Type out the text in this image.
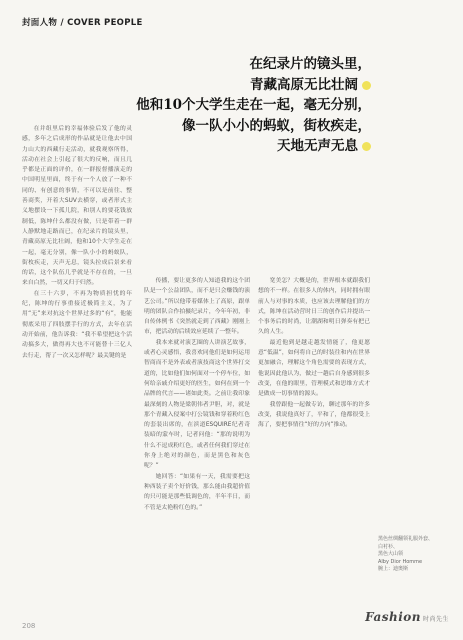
封面人物 / COVER PEOPLE
在纪录片的镜头里，
青藏高原无比壮阔
他和10个大学生走在一起，毫无分别，
像一队小小的蚂蚁，街枚疾走，
天地无声无息

在并组里后的幸福体验后发了他的灵感，多年之后成形的作品就是让他去中国力山大的西藏行走活动，就我观察所得，活动在社会上引起了很大的反响，而且几乎都是正面的评价，在一群报督播演走的中国明星里面，终于有一个人放了一种不同的、有创意的事情，不可以是前往、整善商奖，开着大SUV去横穿，或者形式主义地摆设一下孤儿院，和别人的要花钱放制低，陈坤什么都没有做，只是带着一群人静默地走路而已，在纪录片的镜头里，青藏高原无比壮阔，他和10个大学生走在一起，毫无分别，像一队小小的蚂蚁队，街枚疾走，天声无息，镜头拉成后景来看的话，这个队伍几乎就是不存在的，一旦来自白然，一切又归于归然。

在三十六岁，不再为物质担忧的年纪，陈坤的行事重接近极简主义，为了用“无”来对抗这个世界过多的“有”，他能彻底采用了四肢摆手行的方式，去年在活动开始前，他告诉我：“我不希望把这个活动搞多大，做得再大也不可能替十三亿人去行走，帮了一次又怎样呢？最关键的是

传播，要让更多的人知道我的这个团队是一个公益团队，而不是只会赚钱的演艺公司。”所以他带着媒体上了高原，跟单明的团队合作拍摄纪录片，今年年初，非自传体例书《突然就走到了西藏》刚刚上市，把活动的后续效应延续了一整年。

我本来就对演艺圈的人讲演艺故事，或者心灵感悟，我喜欢同他们是如何运用智商而不是外表或者演技商这个世界打交道的，比如他们如何面对一个停车位，如何给亲戚介绍更好的医生，如何在到一个品牌的代言——诸如此类。之前让我印象最深刻的人物是梁朝伟者尹胆，对，就是那个青藏入侵案中打公镜钱和穿着粉红色的套装出席的，在滨道ESQUIRE纪者奇装暗的蒙车时，记者问他：“那的说明为什么不逗成粉红色，或者任何我们穿过在你身上绝对的颜色，而是黑色和灰色呢？”

她回答：“如果有一天，我需要把这种西装子卖个好价钱，那么能由我超价值的只可能是那些低调色的，半年半日，而不管是太艳粉红色的。”

宽美怎？大概是的，世界根本就跟我们想的不一样。在很多人的体内，同时拥有眼前人与对事的本质，也应该去理解他们的方式，陈坤在活动营时日三的创作后并提出一个事务后的时尚，让潮湖和明日弹奏有把已久的人生。

最近他到是越走越发情能了，他更愿意“低温”，如何将自己的时装往和内在世界更加融合，理解这个角色需要的表现方式，他说因此他认为，做过一趟后自身感到很多改变，在他的眼里，管理模式和思维方式才是做成一切事情的源头。

我曾跟他一起做专访，聊过那年的许多改变，我说他真好了，平和了，他都很受上海了，要把事情往“好的方向”推动。

黑色丝绸翻领礼服外套、
白衬衫、
黑色大山领
Alby Dior Homme
腕上：迪奥斯
208
Fashion 时尚先生
